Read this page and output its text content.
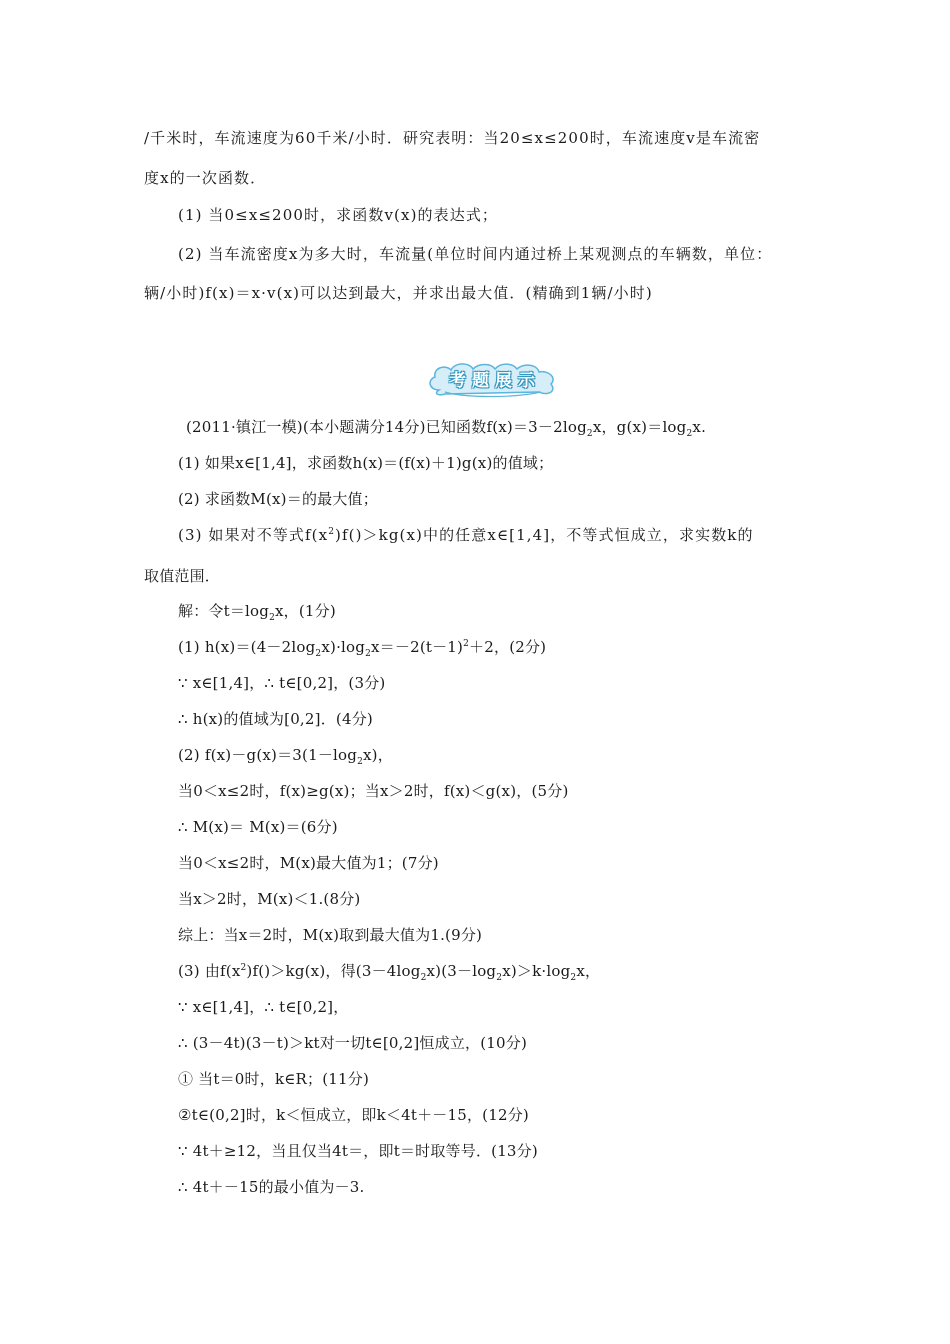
/千米时，车流速度为60千米/小时．研究表明：当20≤x≤200时，车流速度v是车流密
度x的一次函数．
(1) 当0≤x≤200时，求函数v(x)的表达式；
(2) 当车流密度x为多大时，车流量(单位时间内通过桥上某观测点的车辆数，单位：
辆/小时)f(x)＝x·v(x)可以达到最大，并求出最大值．(精确到1辆/小时)
考 题 展 示
(2011·镇江一模)(本小题满分14分)已知函数$f(x)=3-2\log_2x$，$g(x)=\log_2x$.
(1) 如果x∈[1,4]，求函数h(x)＝(f(x)＋1)g(x)的值域；
(2) 求函数M(x)＝的最大值；
(3) 如果对不等式$f(x^2)f()>kg(x)$中的任意x∈[1,4]，不等式恒成立，求实数k的
取值范围．
解：令$t=\log_2x$，(1分)
(1) $h(x)=(4-2\log_2x)\cdot\log_2x=-2(t-1)^2+2$，(2分)
∵ x∈[1,4]，∴ t∈[0,2]，(3分)
∴ h(x)的值域为[0,2]．(4分)
(2) $f(x)-g(x)=3(1-\log_2x)$，
当0＜x≤2时，f(x)≥g(x)；当x＞2时，f(x)＜g(x)，(5分)
∴ M(x)＝ M(x)＝(6分)
当0＜x≤2时，M(x)最大值为1；(7分)
当x＞2时，M(x)＜1.(8分)
综上：当x＝2时，M(x)取到最大值为1.(9分)
(3) 由$f(x^2)f()>kg(x)$，得$(3-4\log_2x)(3-\log_2x)>k\cdot\log_2x$，
∵ x∈[1,4]，∴ t∈[0,2]，
∴ (3－4t)(3－t)＞kt对一切t∈[0,2]恒成立，(10分)
① 当t＝0时，k∈R；(11分)
②t∈(0,2]时，k＜恒成立，即k＜4t＋－15，(12分)
∵ 4t＋≥12，当且仅当4t＝，即t＝时取等号．(13分)
∴ 4t＋－15的最小值为－3.
